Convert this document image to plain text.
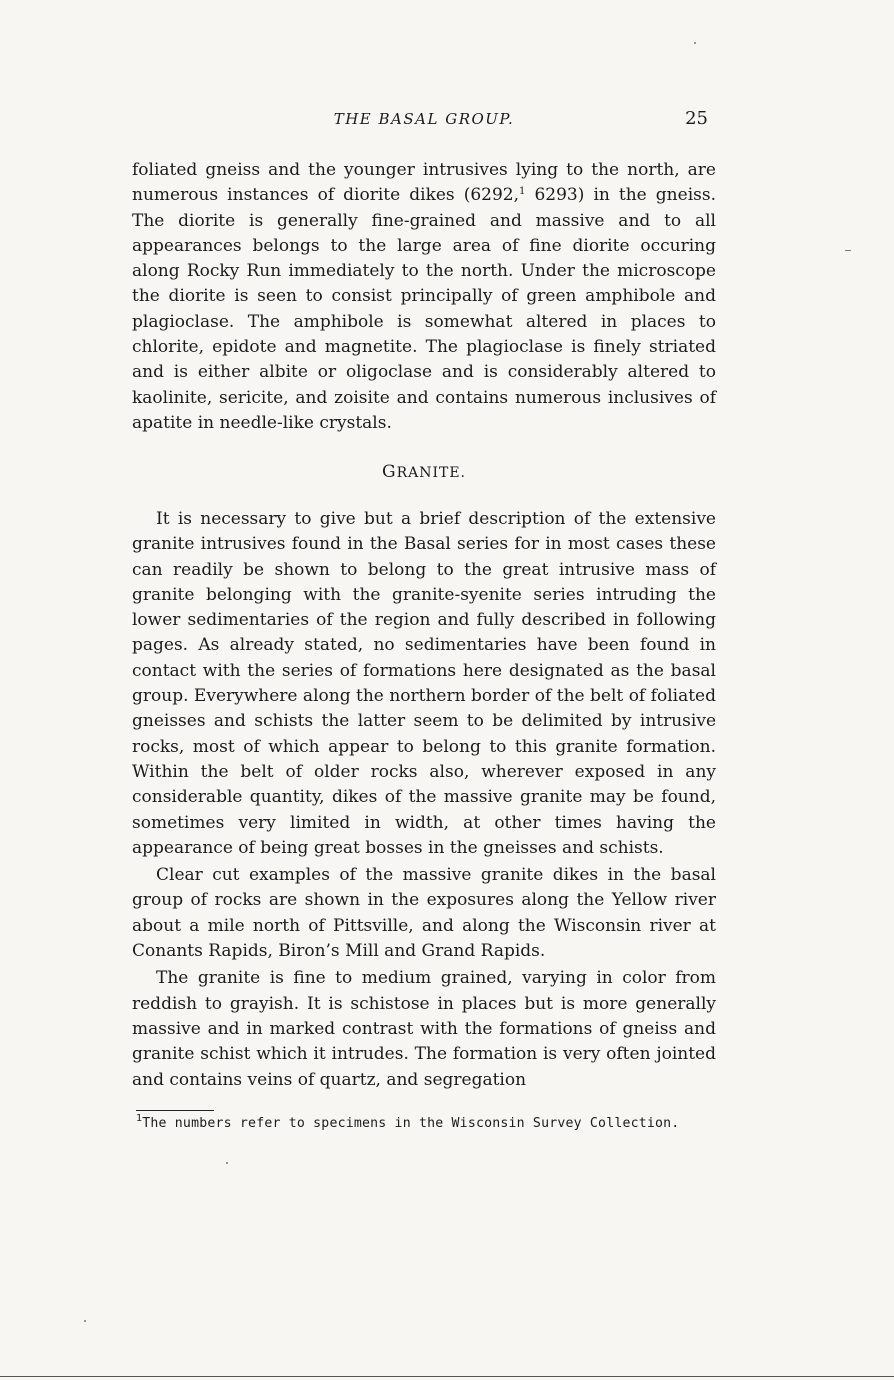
THE BASAL GROUP.	25

foliated gneiss and the younger intrusives lying to the north, are numerous instances of diorite dikes (6292,$^1$ 6293) in the gneiss. The diorite is generally fine-grained and massive and to all appearances belongs to the large area of fine diorite occuring along Rocky Run immediately to the north. Under the microscope the diorite is seen to consist principally of green amphibole and plagioclase. The amphibole is somewhat altered in places to chlorite, epidote and magnetite. The plagioclase is finely striated and is either albite or oligoclase and is considerably altered to kaolinite, sericite, and zoisite and contains numerous inclusives of apatite in needle-like crystals.

GRANITE.

It is necessary to give but a brief description of the extensive granite intrusives found in the Basal series for in most cases these can readily be shown to belong to the great intrusive mass of granite belonging with the granite-syenite series intruding the lower sedimentaries of the region and fully described in following pages. As already stated, no sedimentaries have been found in contact with the series of formations here designated as the basal group. Everywhere along the northern border of the belt of foliated gneisses and schists the latter seem to be delimited by intrusive rocks, most of which appear to belong to this granite formation. Within the belt of older rocks also, wherever exposed in any considerable quantity, dikes of the massive granite may be found, sometimes very limited in width, at other times having the appearance of being great bosses in the gneisses and schists.

Clear cut examples of the massive granite dikes in the basal group of rocks are shown in the exposures along the Yellow river about a mile north of Pittsville, and along the Wisconsin river at Conants Rapids, Biron’s Mill and Grand Rapids.

The granite is fine to medium grained, varying in color from reddish to grayish. It is schistose in places but is more generally massive and in marked contrast with the formations of gneiss and granite schist which it intrudes. The formation is very often jointed and contains veins of quartz, and segregation

$^1$The numbers refer to specimens in the Wisconsin Survey Collection.
